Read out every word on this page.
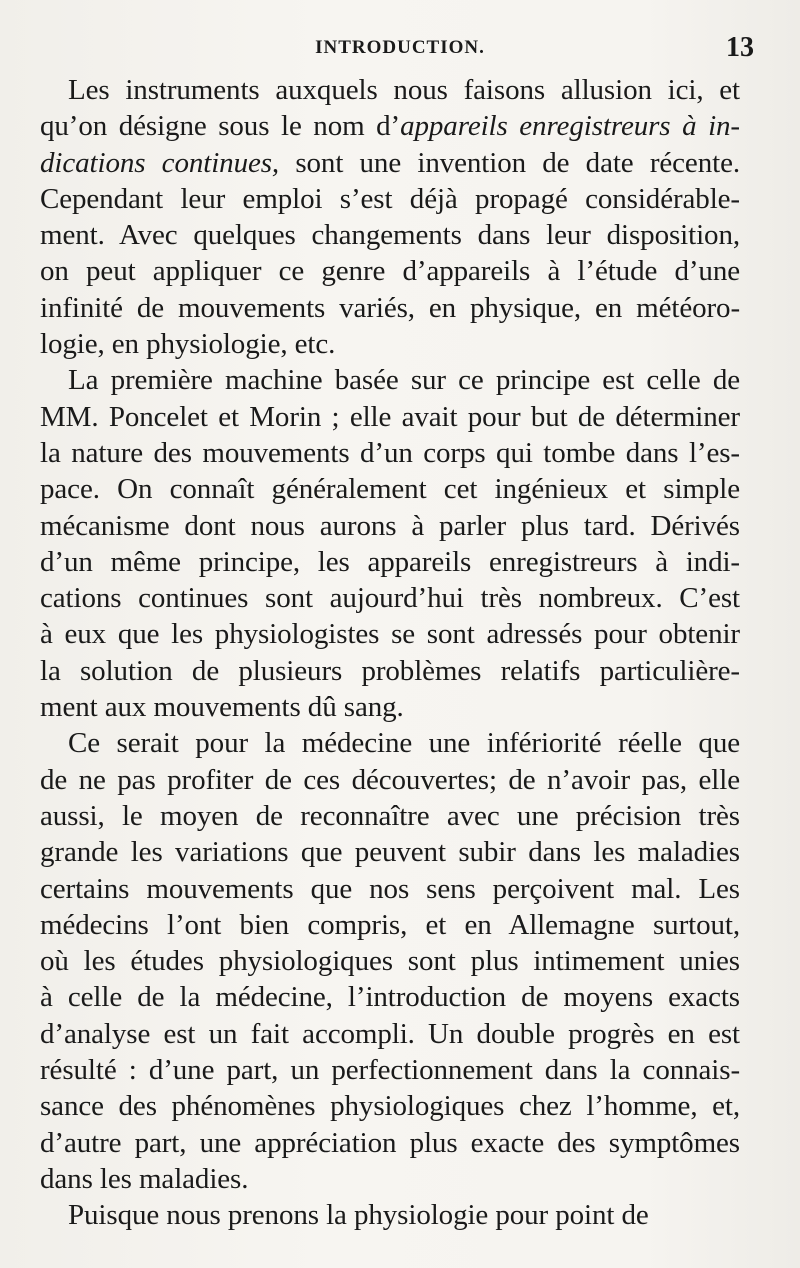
INTRODUCTION.	13
Les instruments auxquels nous faisons allusion ici, et
qu’on désigne sous le nom d’appareils enregistreurs à in-
dications continues, sont une invention de date récente.
Cependant leur emploi s’est déjà propagé considérable-
ment. Avec quelques changements dans leur disposition,
on peut appliquer ce genre d’appareils à l’étude d’une
infinité de mouvements variés, en physique, en météoro-
logie, en physiologie, etc.
La première machine basée sur ce principe est celle de
MM. Poncelet et Morin ; elle avait pour but de déterminer
la nature des mouvements d’un corps qui tombe dans l’es-
pace. On connaît généralement cet ingénieux et simple
mécanisme dont nous aurons à parler plus tard. Dérivés
d’un même principe, les appareils enregistreurs à indi-
cations continues sont aujourd’hui très nombreux. C’est
à eux que les physiologistes se sont adressés pour obtenir
la solution de plusieurs problèmes relatifs particulière-
ment aux mouvements dû sang.
Ce serait pour la médecine une infériorité réelle que
de ne pas profiter de ces découvertes; de n’avoir pas, elle
aussi, le moyen de reconnaître avec une précision très
grande les variations que peuvent subir dans les maladies
certains mouvements que nos sens perçoivent mal. Les
médecins l’ont bien compris, et en Allemagne surtout,
où les études physiologiques sont plus intimement unies
à celle de la médecine, l’introduction de moyens exacts
d’analyse est un fait accompli. Un double progrès en est
résulté : d’une part, un perfectionnement dans la connais-
sance des phénomènes physiologiques chez l’homme, et,
d’autre part, une appréciation plus exacte des symptômes
dans les maladies.
Puisque nous prenons la physiologie pour point de
